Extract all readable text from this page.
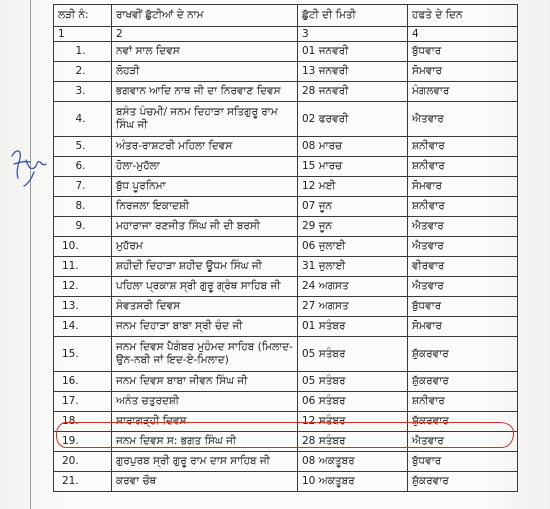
ਲੜੀ ਨੰ:	ਰਾਖਵੀਂ ਛੁੱਟੀਆਂ ਦੇ ਨਾਮ	ਛੁੱਟੀ ਦੀ ਮਿਤੀ	ਹਫਤੇ ਦੇ ਦਿਨ
1	2	3	4
1.	ਨਵਾਂ ਸਾਲ ਦਿਵਸ	01 ਜਨਵਰੀ	ਬੁੱਧਵਾਰ
2.	ਲੋਹੜੀ	13 ਜਨਵਰੀ	ਸੋਮਵਾਰ
3.	ਭਗਵਾਨ ਆਦਿ ਨਾਥ ਜੀ ਦਾ ਨਿਰਵਾਣ ਦਿਵਸ	28 ਜਨਵਰੀ	ਮੰਗਲਵਾਰ
4.	ਬਸੰਤ ਪੰਚਮੀ/ ਜਨਮ ਦਿਹਾੜਾ ਸਤਿਗੁਰੂ ਰਾਮ ਸਿੰਘ ਜੀ	02 ਫਰਵਰੀ	ਐਤਵਾਰ
5.	ਅੰਤਰ-ਰਾਸ਼ਟਰੀ ਮਹਿਲਾ ਦਿਵਸ	08 ਮਾਰਚ	ਸ਼ਨੀਵਾਰ
6.	ਹੋਲਾ-ਮੁਹੱਲਾ	15 ਮਾਰਚ	ਸ਼ਨੀਵਾਰ
7.	ਬੁੱਧ ਪੂਰਨਿਮਾ	12 ਮਈ	ਸੋਮਵਾਰ
8.	ਨਿਰਜਲਾ ਇਕਾਦਸ਼ੀ	07 ਜੂਨ	ਸ਼ਨੀਵਾਰ
9.	ਮਹਾਰਾਜਾ ਰਣਜੀਤ ਸਿੰਘ ਜੀ ਦੀ ਬਰਸੀ	29 ਜੂਨ	ਐਤਵਾਰ
10.	ਮੁਹੱਰਮ	06 ਜੁਲਾਈ	ਐਤਵਾਰ
11.	ਸ਼ਹੀਦੀ ਦਿਹਾੜਾ ਸ਼ਹੀਦ ਊਧਮ ਸਿੰਘ ਜੀ	31 ਜੁਲਾਈ	ਵੀਰਵਾਰ
12.	ਪਹਿਲਾ ਪ੍ਰਕਾਸ਼ ਸ੍ਰੀ ਗੁਰੂ ਗ੍ਰੰਥ ਸਾਹਿਬ ਜੀ	24 ਅਗਸਤ	ਐਤਵਾਰ
13.	ਸੰਵਤਸਰੀ ਦਿਵਸ	27 ਅਗਸਤ	ਬੁੱਧਵਾਰ
14.	ਜਨਮ ਦਿਹਾੜਾ ਬਾਬਾ ਸ੍ਰੀ ਚੰਦ ਜੀ	01 ਸਤੰਬਰ	ਸੋਮਵਾਰ
15.	ਜਨਮ ਦਿਵਸ ਪੈਗੰਬਰ ਮੁਹੰਮਦ ਸਾਹਿਬ (ਮਿਲਾਦ-ਉਨ-ਨਬੀ ਜਾਂ ਇਦ-ਏ-ਮਿਲਾਦ)	05 ਸਤੰਬਰ	ਸ਼ੁੱਕਰਵਾਰ
16.	ਜਨਮ ਦਿਵਸ ਬਾਬਾ ਜੀਵਨ ਸਿੰਘ ਜੀ	05 ਸਤੰਬਰ	ਸ਼ੁੱਕਰਵਾਰ
17.	ਅਨੰਤ ਚਤੁਰਦਸ਼ੀ	06 ਸਤੰਬਰ	ਸ਼ਨੀਵਾਰ
18.	ਸਾਰਾਗੜ੍ਹੀ ਦਿਵਸ	12 ਸਤੰਬਰ	ਸ਼ੁੱਕਰਵਾਰ
19.	ਜਨਮ ਦਿਵਸ ਸ: ਭਗਤ ਸਿੰਘ ਜੀ	28 ਸਤੰਬਰ	ਐਤਵਾਰ
20.	ਗੁਰਪੁਰਬ ਸ੍ਰੀ ਗੁਰੂ ਰਾਮ ਦਾਸ ਸਾਹਿਬ ਜੀ	08 ਅਕਤੂਬਰ	ਬੁੱਧਵਾਰ
21.	ਕਰਵਾ ਚੌਥ	10 ਅਕਤੂਬਰ	ਸ਼ੁੱਕਰਵਾਰ
